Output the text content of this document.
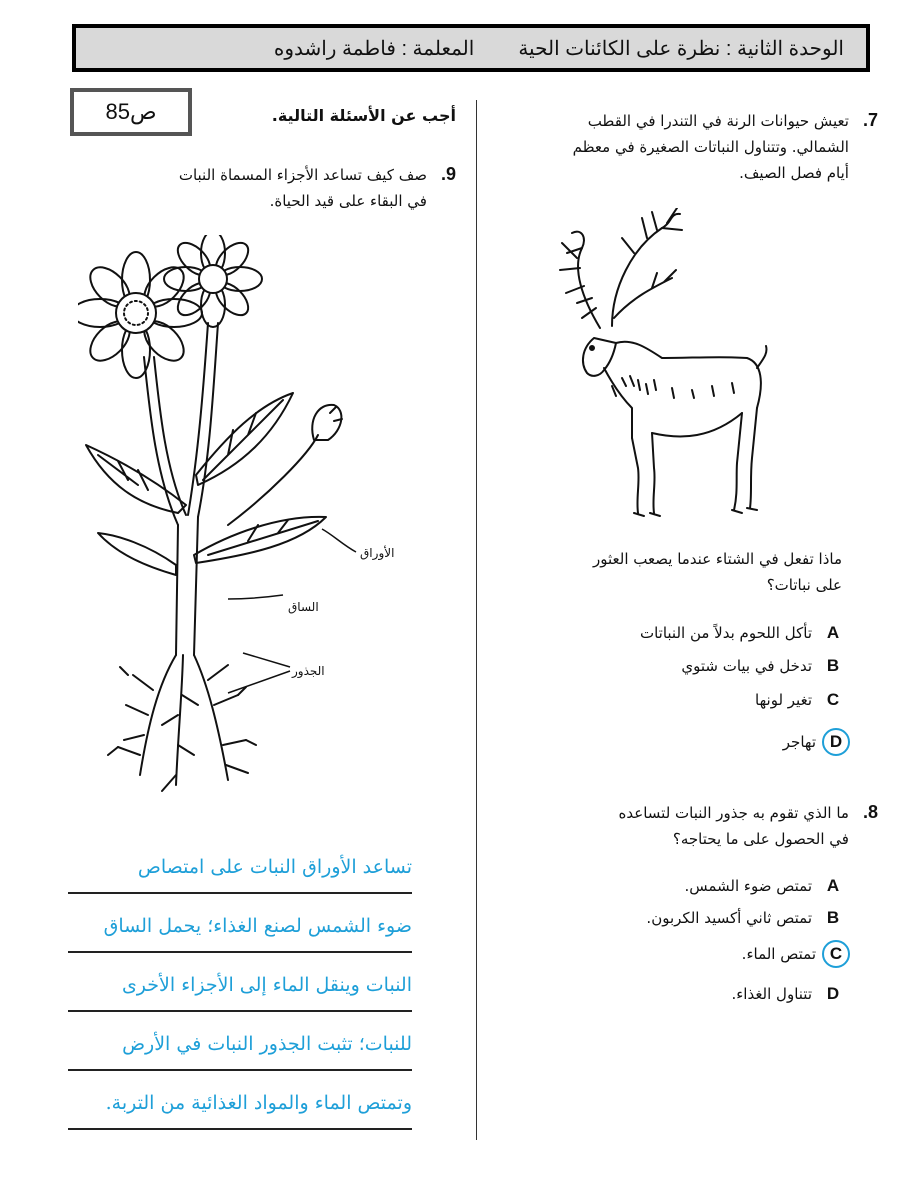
الوحدة الثانية : نظرة على الكائنات الحية
المعلمة : فاطمة راشدوه
ص85	أجب عن الأسئلة التالية.
9.
صف كيف تساعد الأجزاء المسماة النبات
في البقاء على قيد الحياة.
الأوراق
الساق
الجذور
تساعد الأوراق النبات على امتصاص
ضوء الشمس لصنع الغذاء؛ يحمل الساق
النبات وينقل الماء إلى الأجزاء الأخرى
للنبات؛ تثبت الجذور النبات في الأرض
وتمتص الماء والمواد الغذائية من التربة.
7.
تعيش حيوانات الرنة في التندرا في القطب
الشمالي. وتتناول النباتات الصغيرة في معظم
أيام فصل الصيف.
ماذا تفعل في الشتاء عندما يصعب العثور
على نباتات؟
A
تأكل اللحوم بدلاً من النباتات
B
تدخل في بيات شتوي
C
تغير لونها
D
تهاجر
8.
ما الذي تقوم به جذور النبات لتساعده
في الحصول على ما يحتاجه؟
A
تمتص ضوء الشمس.
B
تمتص ثاني أكسيد الكربون.
C
تمتص الماء.
D
تتناول الغذاء.
